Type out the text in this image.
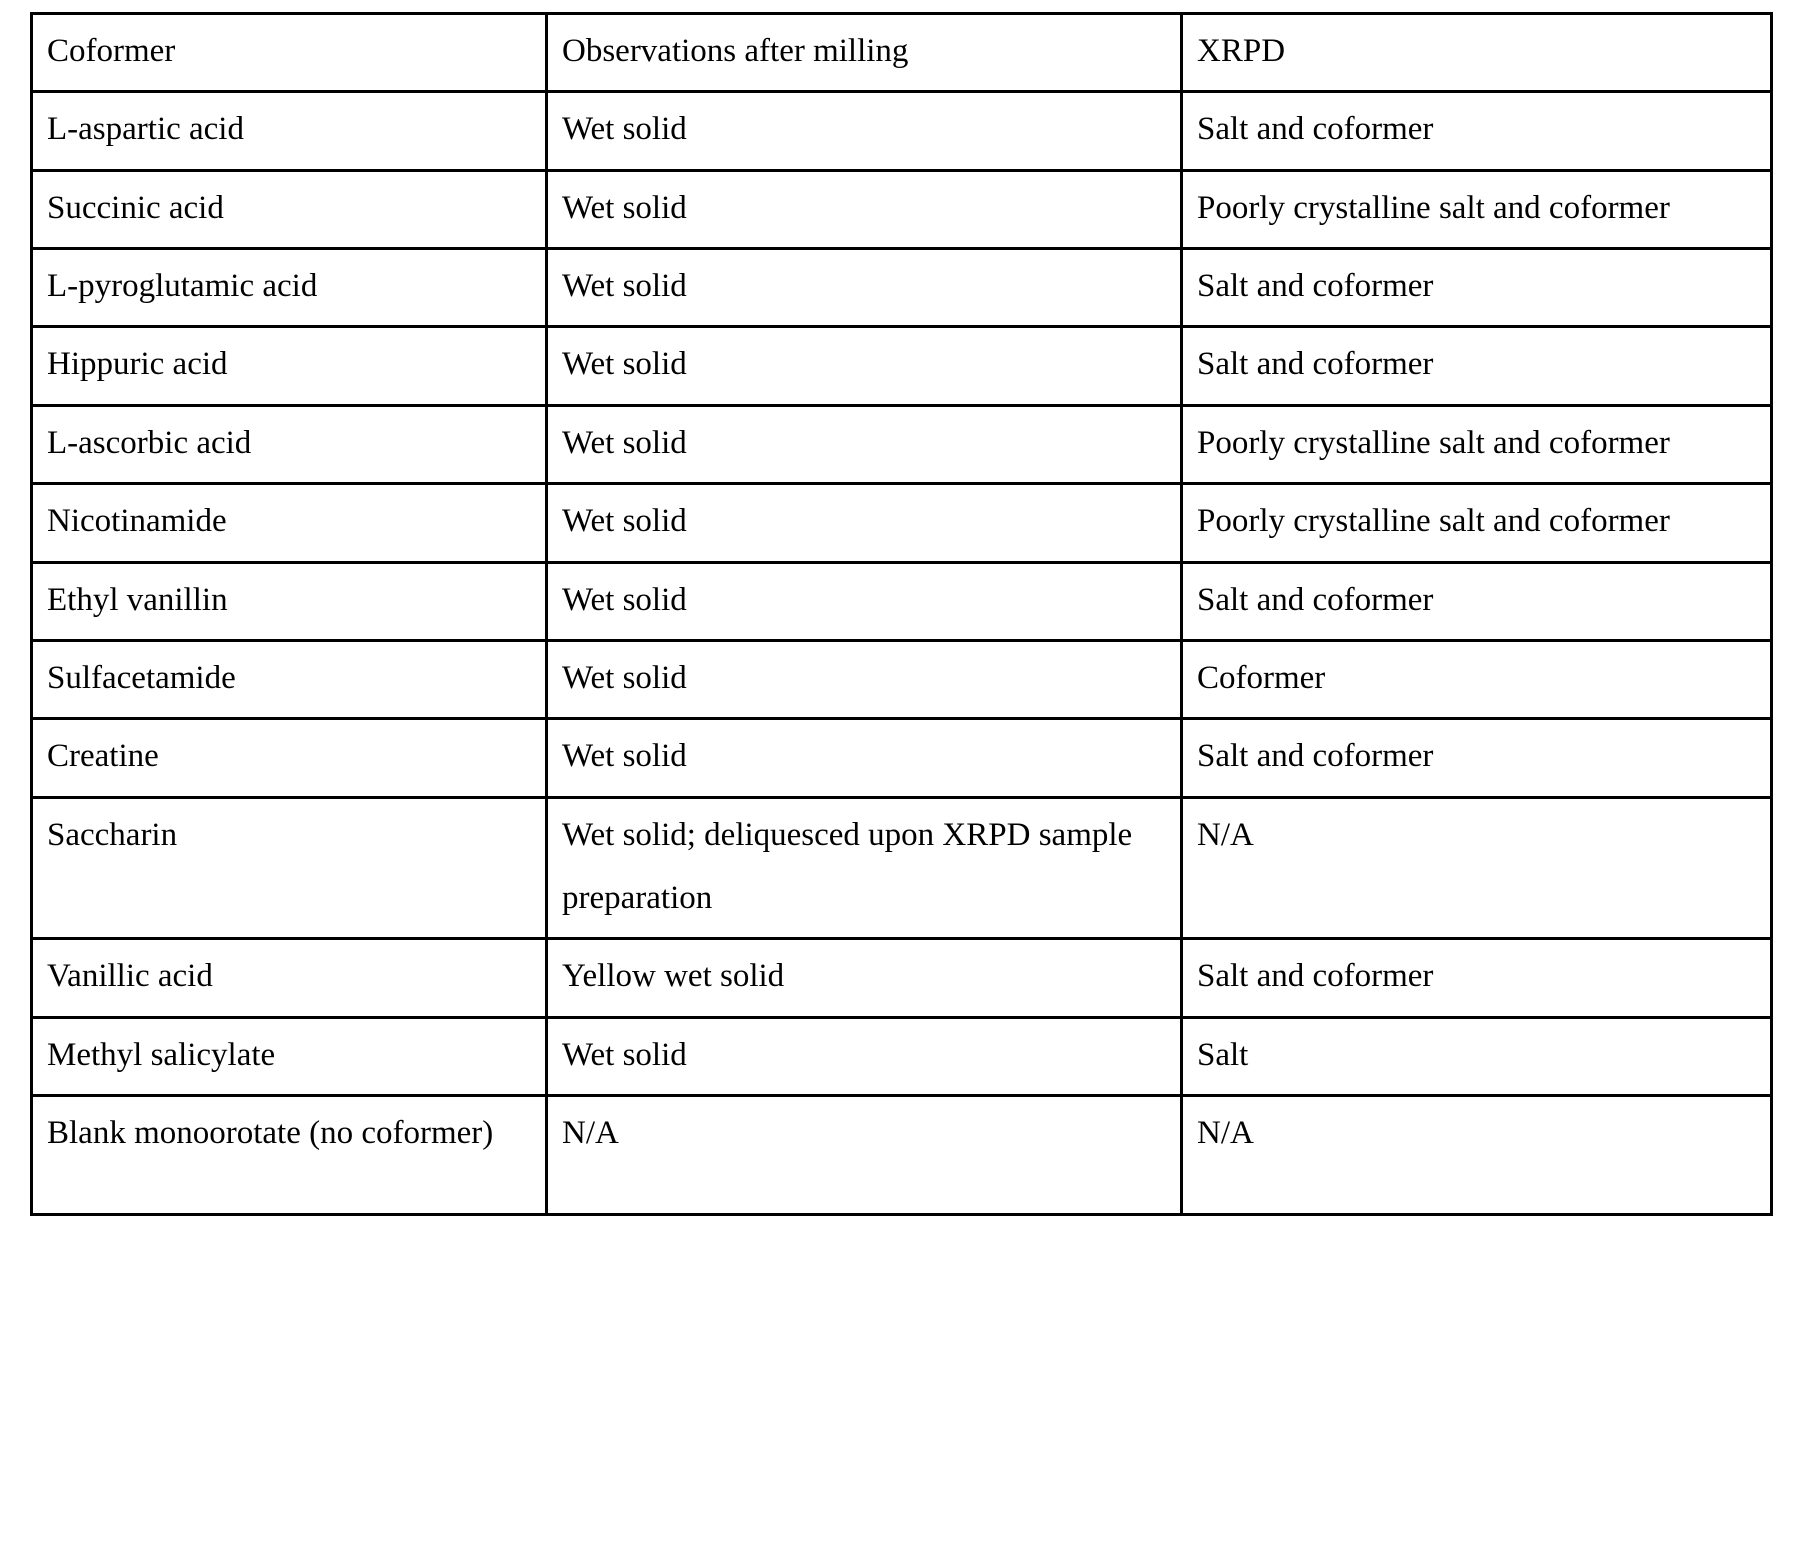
Coformer	Observations after milling	XRPD
L-aspartic acid	Wet solid	Salt and coformer
Succinic acid	Wet solid	Poorly crystalline salt and coformer
L-pyroglutamic acid	Wet solid	Salt and coformer
Hippuric acid	Wet solid	Salt and coformer
L-ascorbic acid	Wet solid	Poorly crystalline salt and coformer
Nicotinamide	Wet solid	Poorly crystalline salt and coformer
Ethyl vanillin	Wet solid	Salt and coformer
Sulfacetamide	Wet solid	Coformer
Creatine	Wet solid	Salt and coformer
Saccharin	Wet solid; deliquesced upon XRPD sample preparation	N/A
Vanillic acid	Yellow wet solid	Salt and coformer
Methyl salicylate	Wet solid	Salt
Blank monoorotate (no coformer)	N/A	N/A
